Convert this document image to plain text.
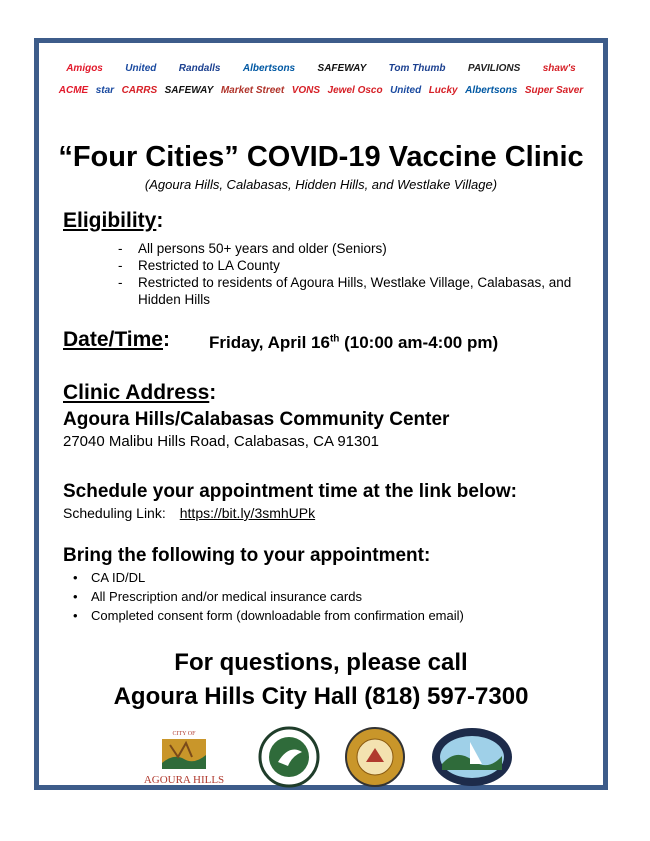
Amigos United Randalls Albertsons SAFEWAY Tom Thumb PAVILIONS shaw's
ACME star CARRS SAFEWAY Market Street VONS Jewel Osco United Lucky Albertsons Super Saver
“Four Cities” COVID-19 Vaccine Clinic
(Agoura Hills, Calabasas, Hidden Hills, and Westlake Village)
Eligibility:
-	All persons 50+ years and older (Seniors)
-	Restricted to LA County
-	Restricted to residents of Agoura Hills, Westlake Village, Calabasas, and Hidden Hills
Date/Time: Friday, April 16th (10:00 am-4:00 pm)
Clinic Address:
Agoura Hills/Calabasas Community Center
27040 Malibu Hills Road, Calabasas, CA 91301
Schedule your appointment time at the link below:
Scheduling Link: https://bit.ly/3smhUPk
Bring the following to your appointment:
•	CA ID/DL
•	All Prescription and/or medical insurance cards
•	Completed consent form (downloadable from confirmation email)
For questions, please call
Agoura Hills City Hall (818) 597-7300
CITY OF
AGOURA HILLS
